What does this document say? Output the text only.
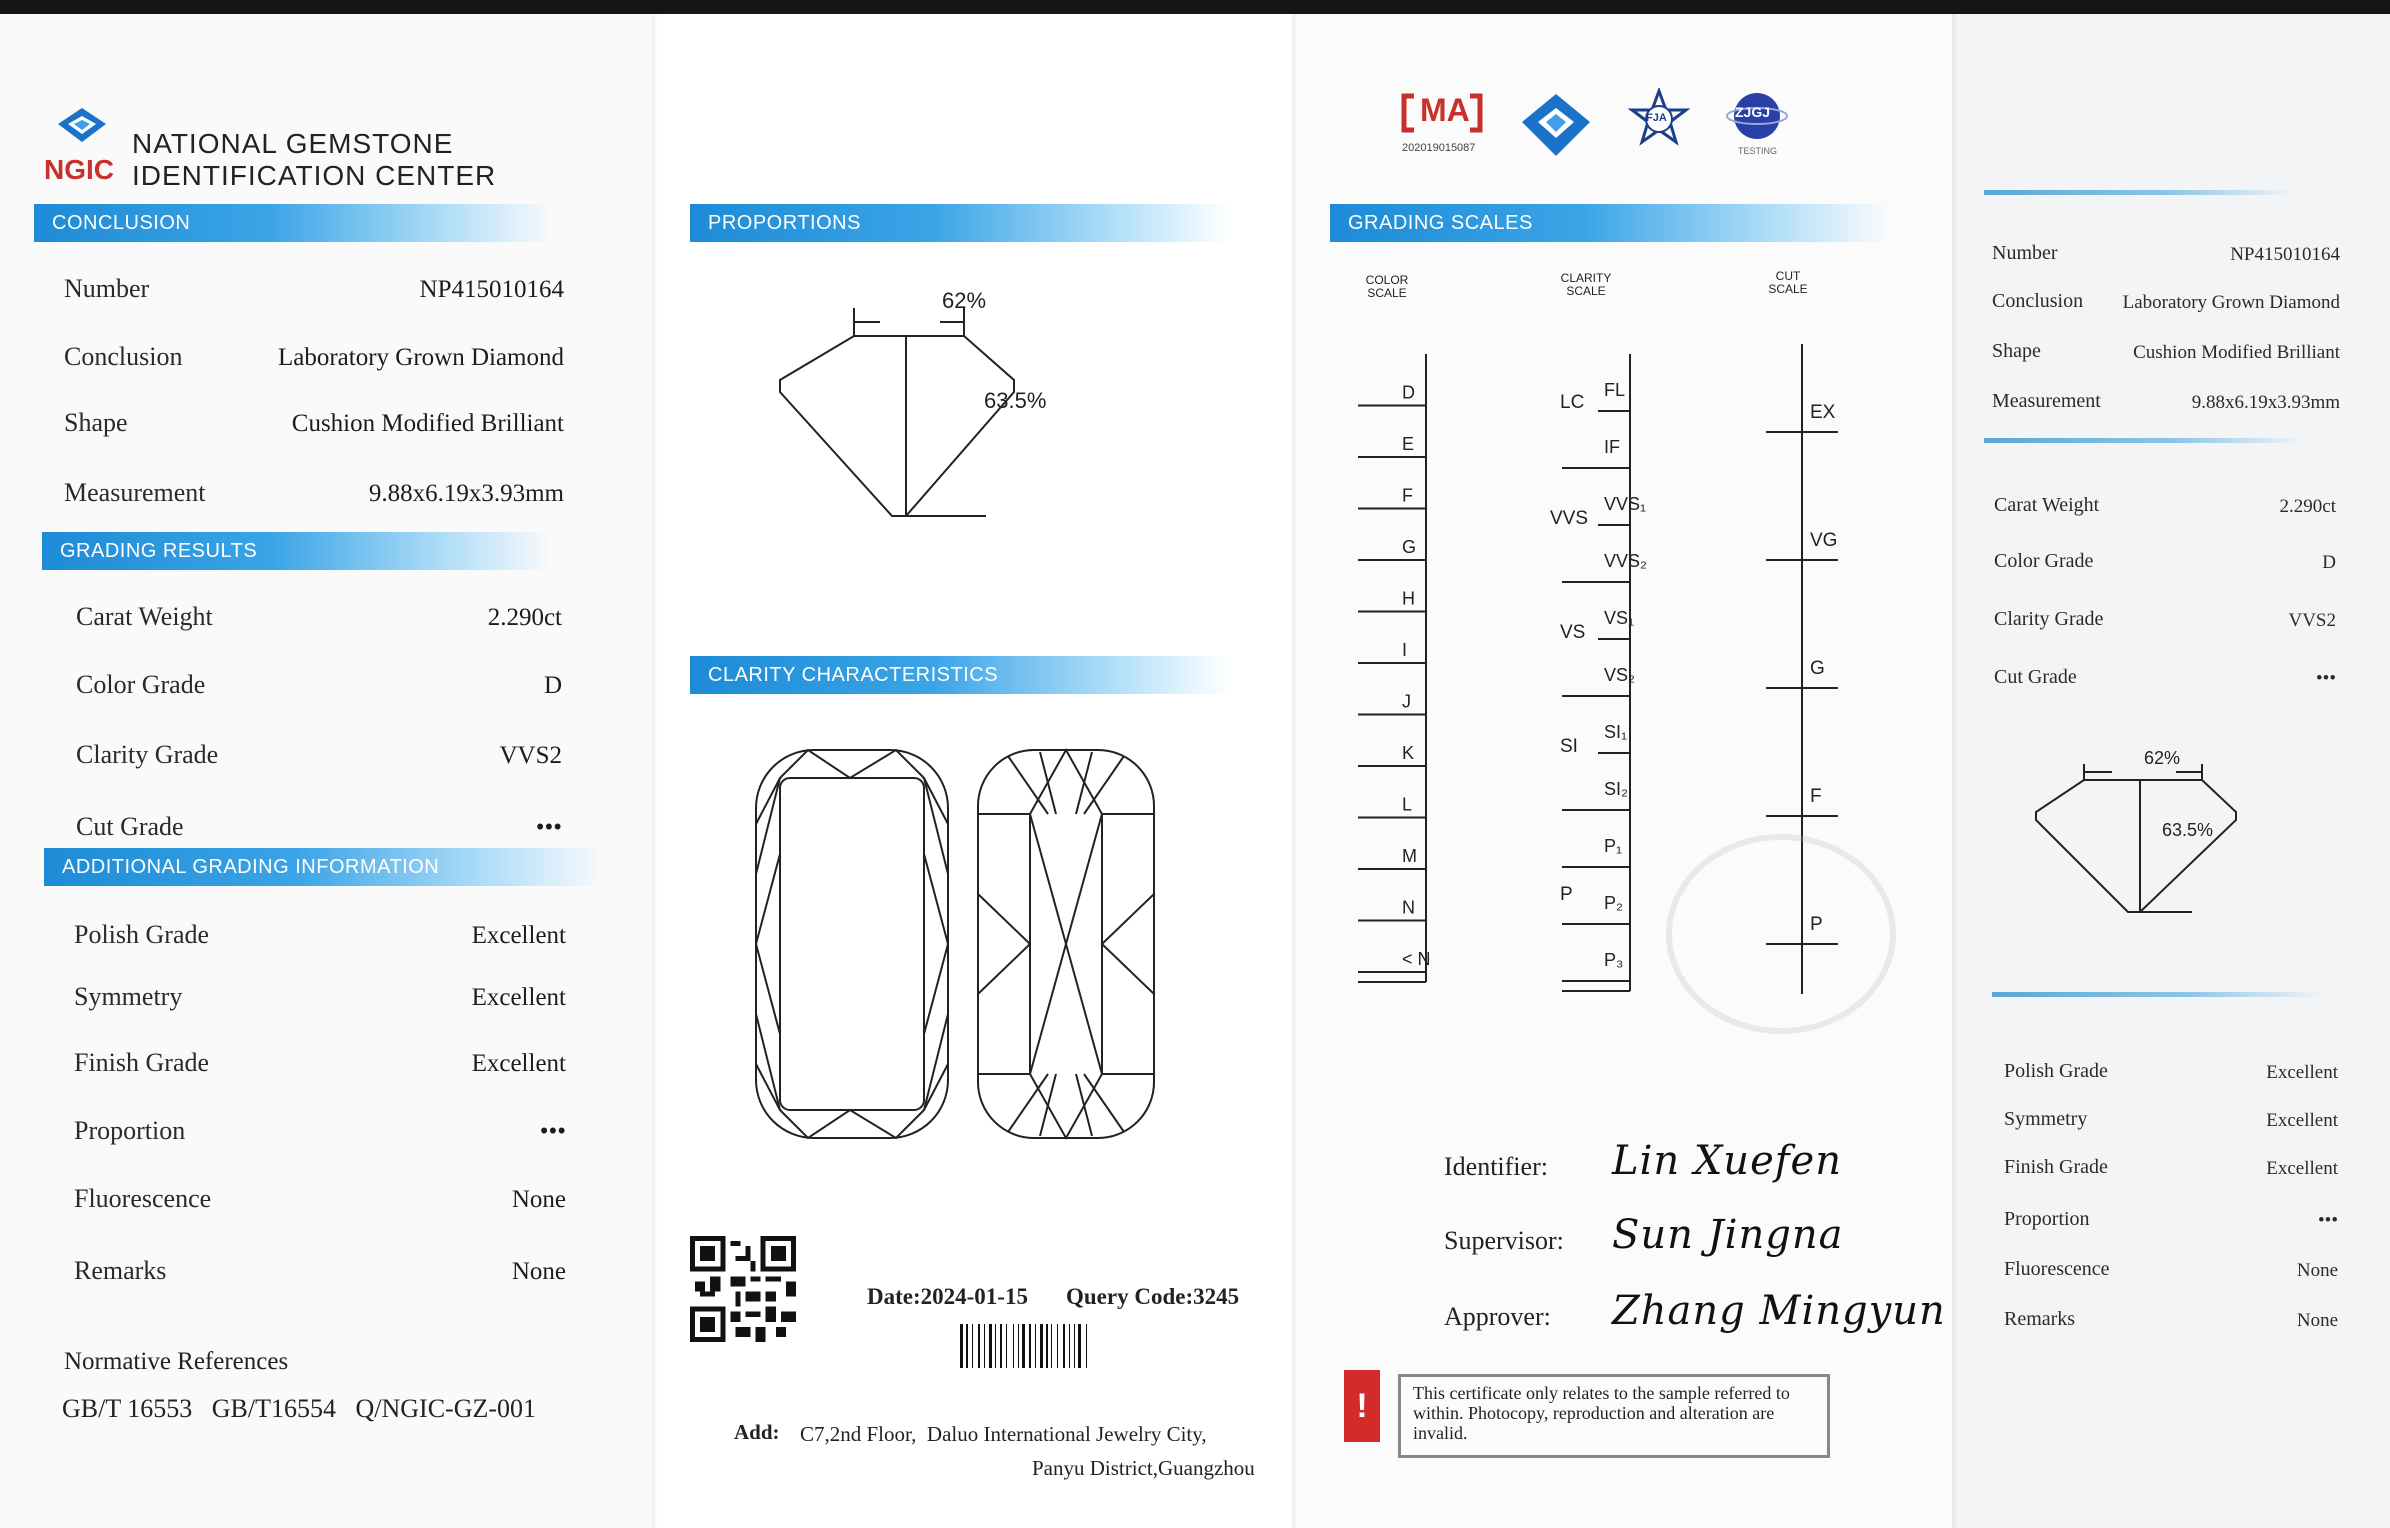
NGIC
NATIONAL GEMSTONE
IDENTIFICATION CENTER
CONCLUSION
Number	NP415010164
Conclusion	Laboratory Grown Diamond
Shape	Cushion Modified Brilliant
Measurement	9.88x6.19x3.93mm
GRADING RESULTS
Carat Weight	2.290ct
Color Grade	D
Clarity Grade	VVS2
Cut Grade	•••
ADDITIONAL GRADING INFORMATION
Polish Grade	Excellent
Symmetry	Excellent
Finish Grade	Excellent
Proportion	•••
Fluorescence	None
Remarks	None
Normative References
GB/T 16553   GB/T16554   Q/NGIC-GZ-001
PROPORTIONS
62%
63.5%
CLARITY CHARACTERISTICS
Date:2024-01-15 Query Code:3245
Add: C7,2nd Floor,  Daluo International Jewelry City,
Panyu District,Guangzhou
MA
202019015087
FJA	ZJGJ
TESTING
GRADING SCALES
COLOR
SCALE
CLARITY
SCALE
CUT
SCALE
D
E
F
G
H
I
J
K
L
M
N
< N
FL
IF
VVS₁
VVS₂
VS₁
VS₂
SI₁
SI₂
P₁
P₂
P₃
LC
VVS
VS
SI
P
EX
VG
G
F
P
Identifier: Lin Xuefen
Supervisor: Sun Jingna
Approver: Zhang Mingyun
!	This certificate only relates to the sample referred to within. Photocopy, reproduction and alteration are invalid.
Number	NP415010164
Conclusion	Laboratory Grown Diamond
Shape	Cushion Modified Brilliant
Measurement	9.88x6.19x3.93mm
Carat Weight	2.290ct
Color Grade	D
Clarity Grade	VVS2
Cut Grade	•••
62%
63.5%
Polish Grade	Excellent
Symmetry	Excellent
Finish Grade	Excellent
Proportion	•••
Fluorescence	None
Remarks	None
